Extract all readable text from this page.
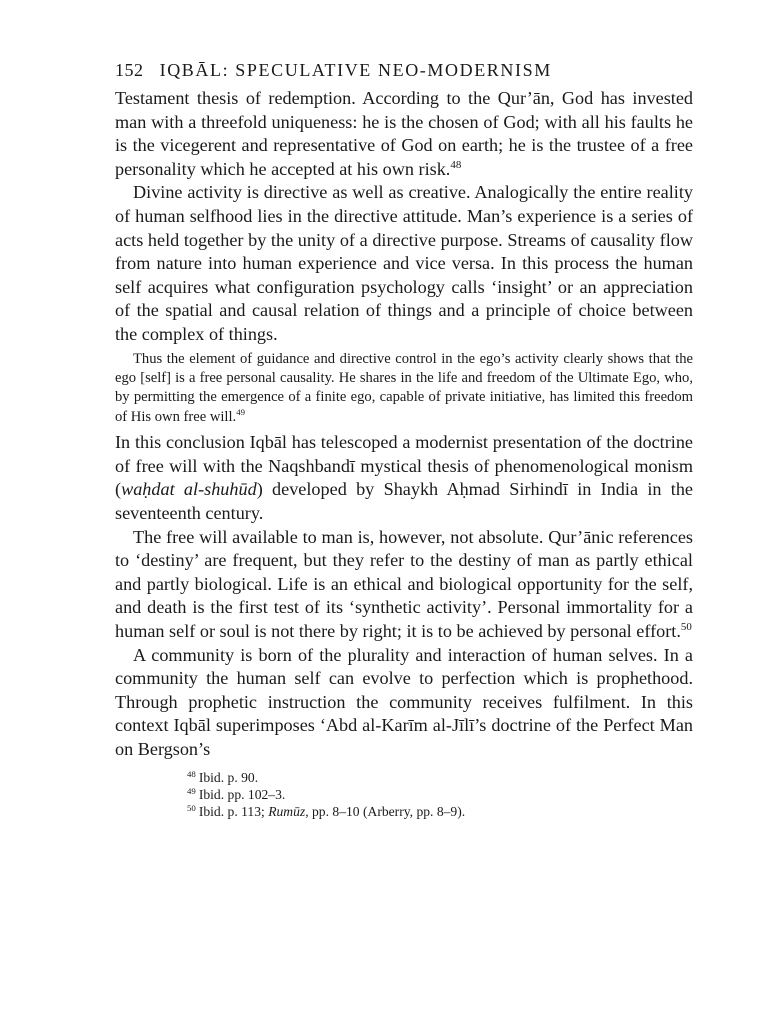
152 IQBĀL: SPECULATIVE NEO-MODERNISM

Testament thesis of redemption. According to the Qur’ān, God has invested man with a threefold uniqueness: he is the chosen of God; with all his faults he is the vicegerent and representative of God on earth; he is the trustee of a free personality which he accepted at his own risk.$^{48}$

Divine activity is directive as well as creative. Analogically the entire reality of human selfhood lies in the directive attitude. Man’s experience is a series of acts held together by the unity of a directive purpose. Streams of causality flow from nature into human experience and vice versa. In this process the human self acquires what configuration psychology calls ‘insight’ or an appreciation of the spatial and causal relation of things and a principle of choice between the complex of things.

Thus the element of guidance and directive control in the ego’s activity clearly shows that the ego [self] is a free personal causality. He shares in the life and freedom of the Ultimate Ego, who, by permitting the emergence of a finite ego, capable of private initiative, has limited this freedom of His own free will.$^{49}$

In this conclusion Iqbāl has telescoped a modernist presentation of the doctrine of free will with the Naqshbandī mystical thesis of phenomenological monism (waḥdat al-shuhūd) developed by Shaykh Aḥmad Sirhindī in India in the seventeenth century.

The free will available to man is, however, not absolute. Qur’ānic references to ‘destiny’ are frequent, but they refer to the destiny of man as partly ethical and partly biological. Life is an ethical and biological opportunity for the self, and death is the first test of its ‘synthetic activity’. Personal immortality for a human self or soul is not there by right; it is to be achieved by personal effort.$^{50}$

A community is born of the plurality and interaction of human selves. In a community the human self can evolve to perfection which is prophethood. Through prophetic instruction the community receives fulfilment. In this context Iqbāl superimposes ‘Abd al-Karīm al-Jīlī’s doctrine of the Perfect Man on Bergson’s

$^{48}$ Ibid. p. 90.
$^{49}$ Ibid. pp. 102–3.
$^{50}$ Ibid. p. 113; Rumūz, pp. 8–10 (Arberry, pp. 8–9).
